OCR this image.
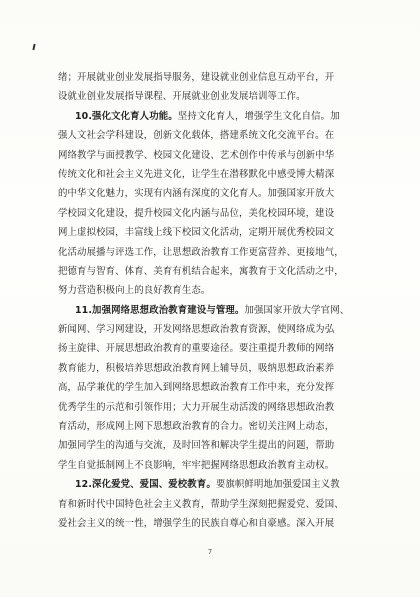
绪；开展就业创业发展指导服务，建设就业创业信息互动平台，开
设就业创业发展指导课程、开展就业创业发展培训等工作。
10.强化文化育人功能。坚持文化育人，增强学生文化自信。加
强人文社会学科建设，创新文化载体，搭建系统文化交流平台。在
网络教学与面授教学、校园文化建设、艺术创作中传承与创新中华
传统文化和社会主义先进文化，让学生在潜移默化中感受博大精深
的中华文化魅力，实现有内涵有深度的文化育人。加强国家开放大
学校园文化建设，提升校园文化内涵与品位，美化校园环境，建设
网上虚拟校园，丰富线上线下校园文化活动，定期开展优秀校园文
化活动展播与评选工作，让思想政治教育工作更富营养、更接地气，
把德育与智育、体育、美育有机结合起来，寓教育于文化活动之中，
努力营造积极向上的良好教育生态。
11.加强网络思想政治教育建设与管理。加强国家开放大学官网、
新闻网、学习网建设，开发网络思想政治教育资源，使网络成为弘
扬主旋律、开展思想政治教育的重要途径。要注重提升教师的网络
教育能力，积极培养思想政治教育网上辅导员，吸纳思想政治素养
高，品学兼优的学生加入到网络思想政治教育工作中来，充分发挥
优秀学生的示范和引领作用；大力开展生动活泼的网络思想政治教
育活动，形成网上网下思想政治教育的合力。密切关注网上动态，
加强同学生的沟通与交流，及时回答和解决学生提出的问题，帮助
学生自觉抵制网上不良影响，牢牢把握网络思想政治教育主动权。
12.深化爱党、爱国、爱校教育。要旗帜鲜明地加强爱国主义教
育和新时代中国特色社会主义教育，帮助学生深刻把握爱党、爱国、
爱社会主义的统一性，增强学生的民族自尊心和自豪感。深入开展
7
